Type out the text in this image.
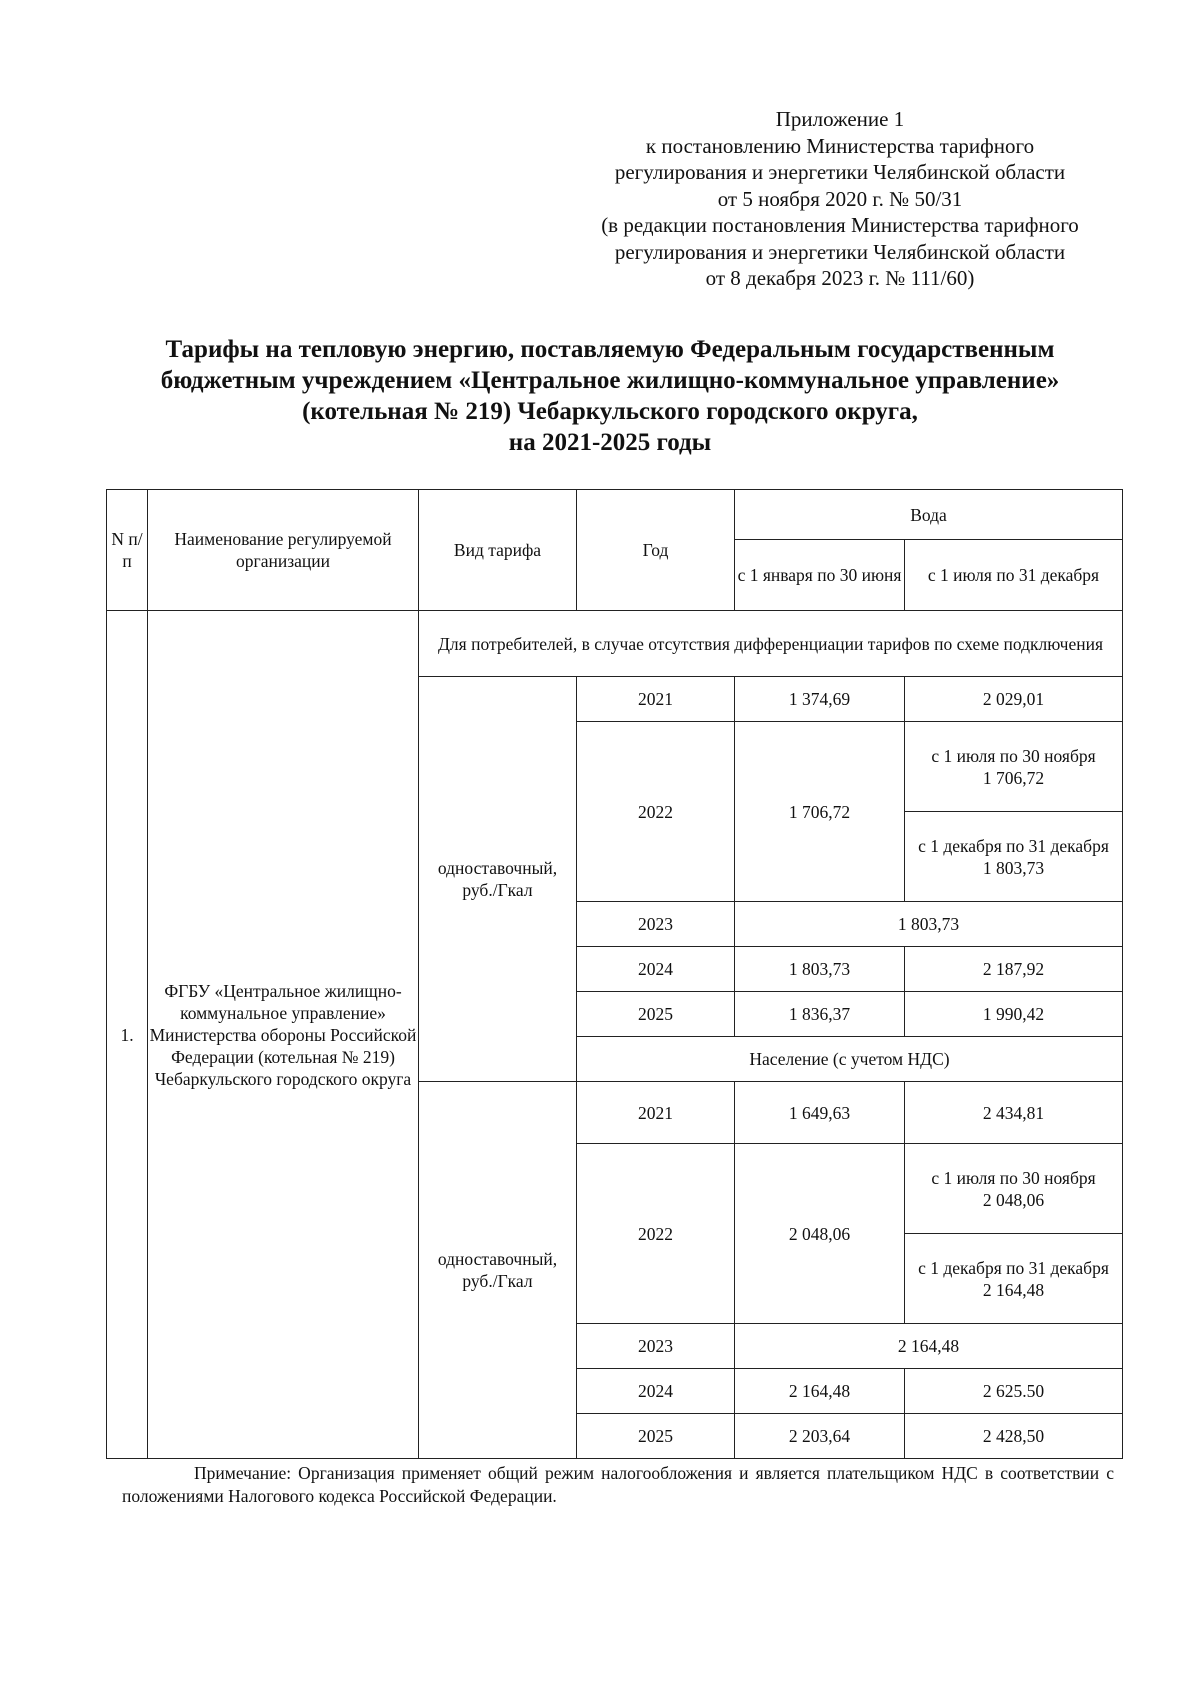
Приложение 1
к постановлению Министерства тарифного
регулирования и энергетики Челябинской области
от 5 ноября 2020 г. № 50/31
(в редакции постановления Министерства тарифного
регулирования и энергетики Челябинской области
от 8 декабря 2023 г. № 111/60)
Тарифы на тепловую энергию, поставляемую Федеральным государственным
бюджетным учреждением «Центральное жилищно-коммунальное управление»
(котельная № 219) Чебаркульского городского округа,
на 2021-2025 годы
N п/п	Наименование регулируемой организации	Вид тарифа	Год	Вода	
				с 1 января по 30 июня	с 1 июля по 31 декабря
1.	ФГБУ «Центральное жилищно-коммунальное управление» Министерства обороны Российской Федерации (котельная № 219) Чебаркульского городского округа	Для потребителей, в случае отсутствия дифференциации тарифов по схеме подключения			
		одноставочный, руб./Гкал	2021	1 374,69	2 029,01
			2022	1 706,72	с 1 июля по 30 ноября
1 706,72

					с 1 декабря по 31 декабря
1 803,73

			2023	1 803,73	
			2024	1 803,73	2 187,92
			2025	1 836,37	1 990,42
			Население (с учетом НДС)		
		одноставочный, руб./Гкал	2021	1 649,63	2 434,81
			2022	2 048,06	с 1 июля по 30 ноября
2 048,06

					с 1 декабря по 31 декабря
2 164,48

			2023	2 164,48	
			2024	2 164,48	2 625.50
			2025	2 203,64	2 428,50
Примечание: Организация применяет общий режим налогообложения и является плательщиком НДС в соответствии с положениями Налогового кодекса Российской Федерации.
